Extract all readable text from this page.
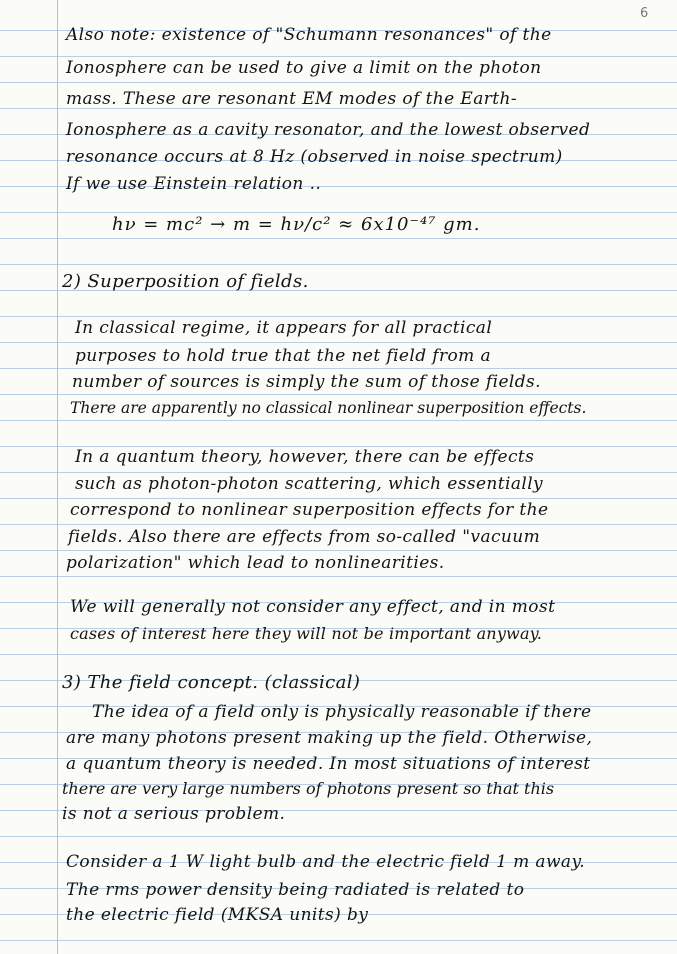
6
Also note: existence of "Schumann resonances" of the
Ionosphere can be used to give a limit on the photon
mass. These are resonant EM modes of the Earth-
Ionosphere as a cavity resonator, and the lowest observed
resonance occurs at 8 Hz (observed in noise spectrum)
If we use Einstein relation ..
hν = mc² → m = hν/c² ≈ 6x10⁻⁴⁷ gm.
2) Superposition of fields.
In classical regime, it appears for all practical
purposes to hold true that the net field from a
number of sources is simply the sum of those fields.
There are apparently no classical nonlinear superposition effects.
In a quantum theory, however, there can be effects
such as photon-photon scattering, which essentially
correspond to nonlinear superposition effects for the
fields. Also there are effects from so-called "vacuum
polarization" which lead to nonlinearities.
We will generally not consider any effect, and in most
cases of interest here they will not be important anyway.
3) The field concept. (classical)
The idea of a field only is physically reasonable if there
are many photons present making up the field. Otherwise,
a quantum theory is needed. In most situations of interest
there are very large numbers of photons present so that this
is not a serious problem.
Consider a 1 W light bulb and the electric field 1 m away.
The rms power density being radiated is related to
the electric field (MKSA units) by
